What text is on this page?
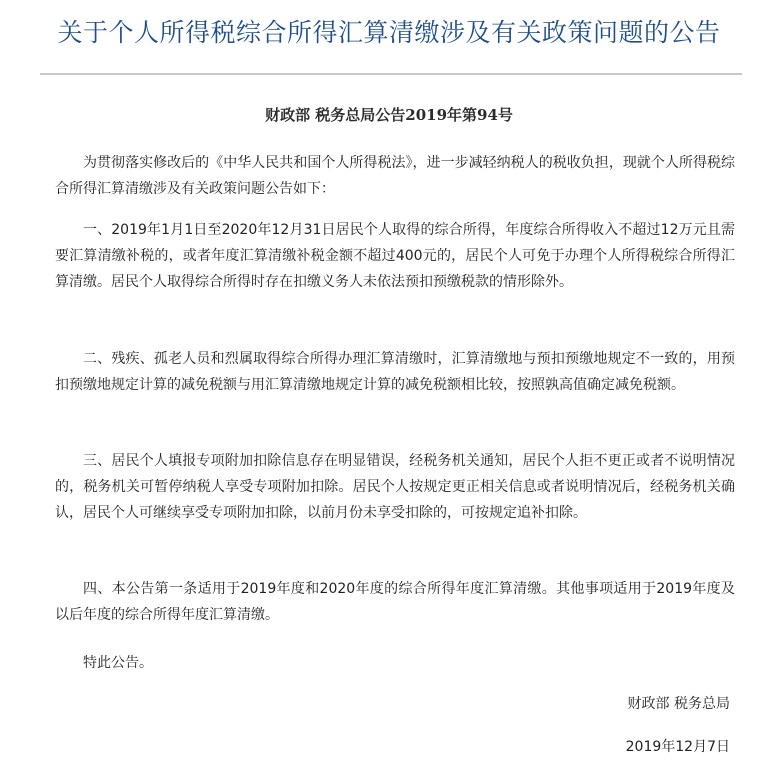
关于个人所得税综合所得汇算清缴涉及有关政策问题的公告
财政部 税务总局公告2019年第94号
为贯彻落实修改后的《中华人民共和国个人所得税法》，进一步减轻纳税人的税收负担，现就个人所得税综合所得汇算清缴涉及有关政策问题公告如下：
一、2019年1月1日至2020年12月31日居民个人取得的综合所得，年度综合所得收入不超过12万元且需要汇算清缴补税的，或者年度汇算清缴补税金额不超过400元的，居民个人可免于办理个人所得税综合所得汇算清缴。居民个人取得综合所得时存在扣缴义务人未依法预扣预缴税款的情形除外。
二、残疾、孤老人员和烈属取得综合所得办理汇算清缴时，汇算清缴地与预扣预缴地规定不一致的，用预扣预缴地规定计算的减免税额与用汇算清缴地规定计算的减免税额相比较，按照孰高值确定减免税额。
三、居民个人填报专项附加扣除信息存在明显错误，经税务机关通知，居民个人拒不更正或者不说明情况的，税务机关可暂停纳税人享受专项附加扣除。居民个人按规定更正相关信息或者说明情况后，经税务机关确认，居民个人可继续享受专项附加扣除，以前月份未享受扣除的，可按规定追补扣除。
四、本公告第一条适用于2019年度和2020年度的综合所得年度汇算清缴。其他事项适用于2019年度及以后年度的综合所得年度汇算清缴。
特此公告。
财政部 税务总局
2019年12月7日
